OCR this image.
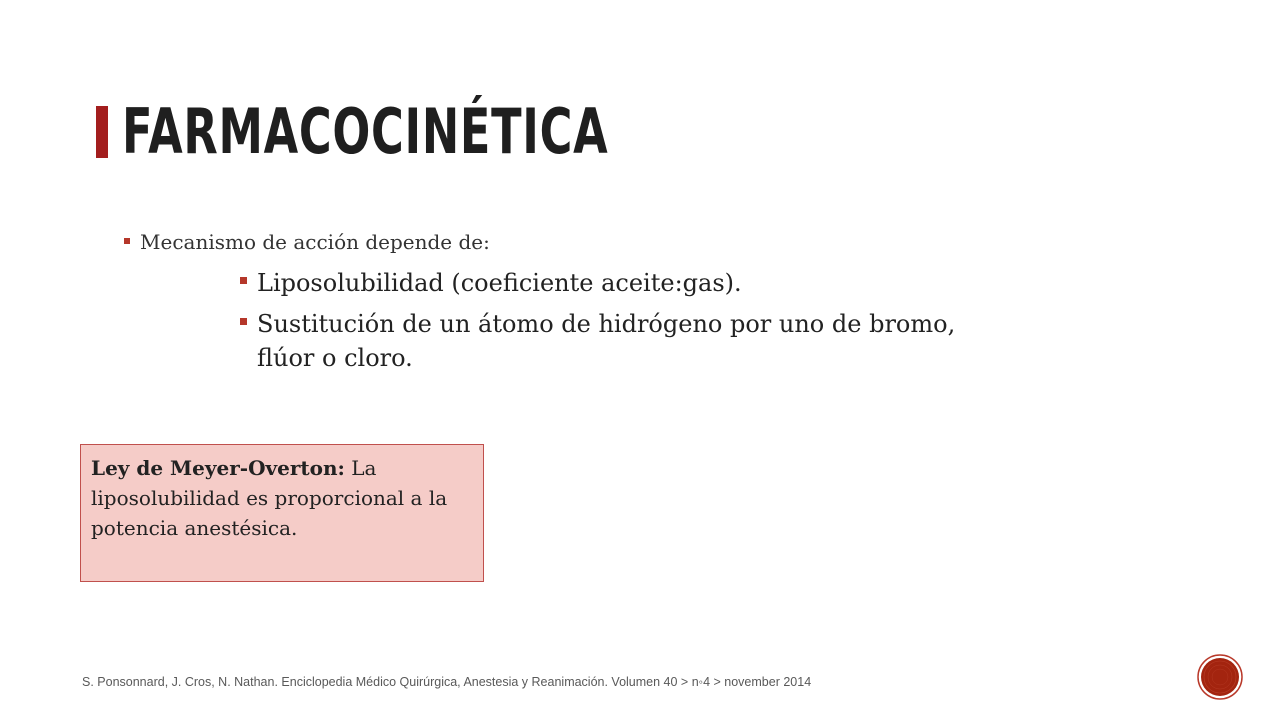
FARMACOCINÉTICA
Mecanismo de acción depende de:
Liposolubilidad (coeficiente aceite:gas).
Sustitución de un átomo de hidrógeno por uno de bromo,
flúor o cloro.
Ley de Meyer-Overton: La liposolubilidad es proporcional a la potencia anestésica.
S. Ponsonnard, J. Cros, N. Nathan. Enciclopedia Médico Quirúrgica, Anestesia y Reanimación. Volumen 40 > n◦4 > november 2014
